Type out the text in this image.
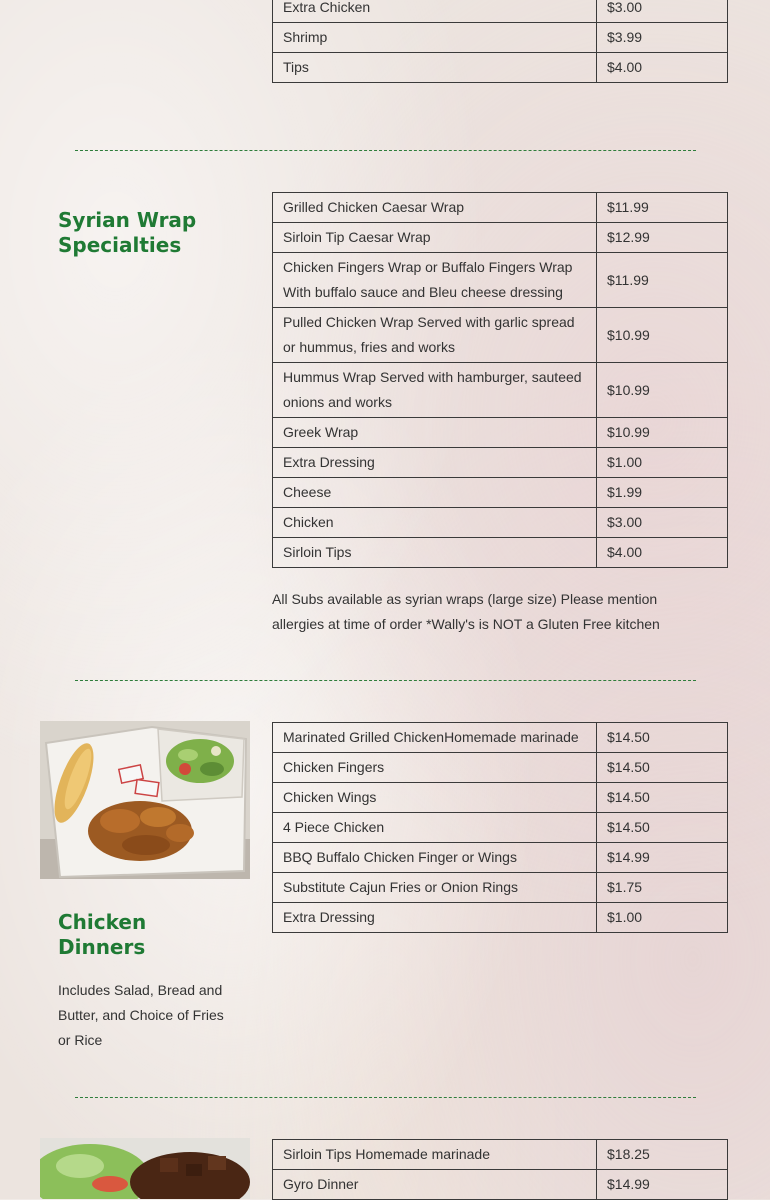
Extra Chicken	$3.00
Shrimp	$3.99
Tips	$4.00
Syrian Wrap
Specialties
Grilled Chicken Caesar Wrap	$11.99
Sirloin Tip Caesar Wrap	$12.99
Chicken Fingers Wrap or Buffalo Fingers Wrap With buffalo sauce and Bleu cheese dressing	$11.99
Pulled Chicken Wrap Served with garlic spread or hummus, fries and works	$10.99
Hummus Wrap Served with hamburger, sauteed onions and works	$10.99
Greek Wrap	$10.99
Extra Dressing	$1.00
Cheese	$1.99
Chicken	$3.00
Sirloin Tips	$4.00
All Subs available as syrian wraps (large size) Please mention allergies at time of order *Wally's is NOT a Gluten Free kitchen
Chicken
Dinners
Includes Salad, Bread and Butter, and Choice of Fries or Rice
Marinated Grilled ChickenHomemade marinade	$14.50
Chicken Fingers	$14.50
Chicken Wings	$14.50
4 Piece Chicken	$14.50
BBQ Buffalo Chicken Finger or Wings	$14.99
Substitute Cajun Fries or Onion Rings	$1.75
Extra Dressing	$1.00
Sirloin Tips Homemade marinade	$18.25
Gyro Dinner	$14.99
